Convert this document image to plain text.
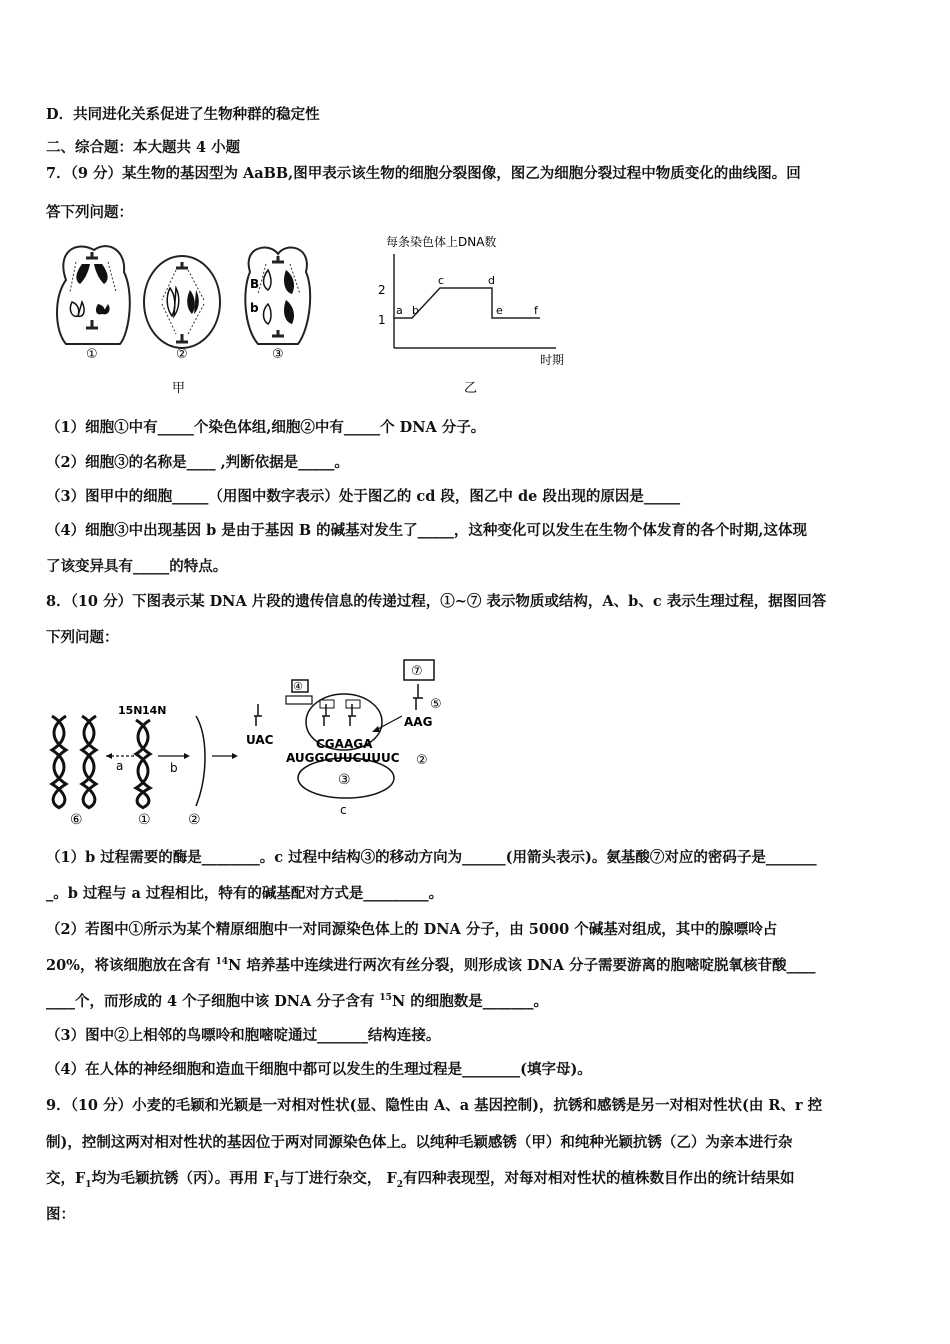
D．共同进化关系促进了生物种群的稳定性
二、综合题：本大题共 4 小题
7．（9 分）某生物的基因型为 AaBB,图甲表示该生物的细胞分裂图像，图乙为细胞分裂过程中物质变化的曲线图。回
答下列问题：
①	②
B
b
③
甲
每条染色体上DNA数
2
1
a b
c	d
e	f
时期
乙
（1）细胞①中有_____个染色体组,细胞②中有_____个 DNA 分子。
（2）细胞③的名称是____ ,判断依据是_____。
（3）图甲中的细胞_____（用图中数字表示）处于图乙的 cd 段，图乙中 de 段出现的原因是_____
（4）细胞③中出现基因 b 是由于基因 B 的碱基对发生了_____，这种变化可以发生在生物个体发育的各个时期,这体现
了该变异具有_____的特点。
8．（10 分）下图表示某 DNA 片段的遗传信息的传递过程，①~⑦ 表示物质或结构，A、b、c 表示生理过程，据图回答
下列问题：
⑥
a
15N 14N
①
b
②
③
c
④
UAC	CGAAGA
AUGGCUUCUUUC ②
⑦
⑤
AAG
（1）b 过程需要的酶是________。c 过程中结构③的移动方向为______(用箭头表示)。氨基酸⑦对应的密码子是_______
_。b 过程与 a 过程相比，特有的碱基配对方式是_________。
（2）若图中①所示为某个精原细胞中一对同源染色体上的 DNA 分子，由 5000 个碱基对组成，其中的腺嘌呤占
20%，将该细胞放在含有 $^{14}$N 培养基中连续进行两次有丝分裂，则形成该 DNA 分子需要游离的胞嘧啶脱氧核苷酸____
____个，而形成的 4 个子细胞中该 DNA 分子含有 $^{15}$N 的细胞数是_______。
（3）图中②上相邻的鸟嘌呤和胞嘧啶通过_______结构连接。
（4）在人体的神经细胞和造血干细胞中都可以发生的生理过程是________(填字母)。
9．（10 分）小麦的毛颖和光颖是一对相对性状(显、隐性由 A、a 基因控制)，抗锈和感锈是另一对相对性状(由 R、r 控
制)，控制这两对相对性状的基因位于两对同源染色体上。以纯种毛颖感锈（甲）和纯种光颖抗锈（乙）为亲本进行杂
交，$F_1$均为毛颖抗锈（丙）。再用 $F_1$与丁进行杂交， $F_2$有四种表现型，对每对相对性状的植株数目作出的统计结果如
图：
